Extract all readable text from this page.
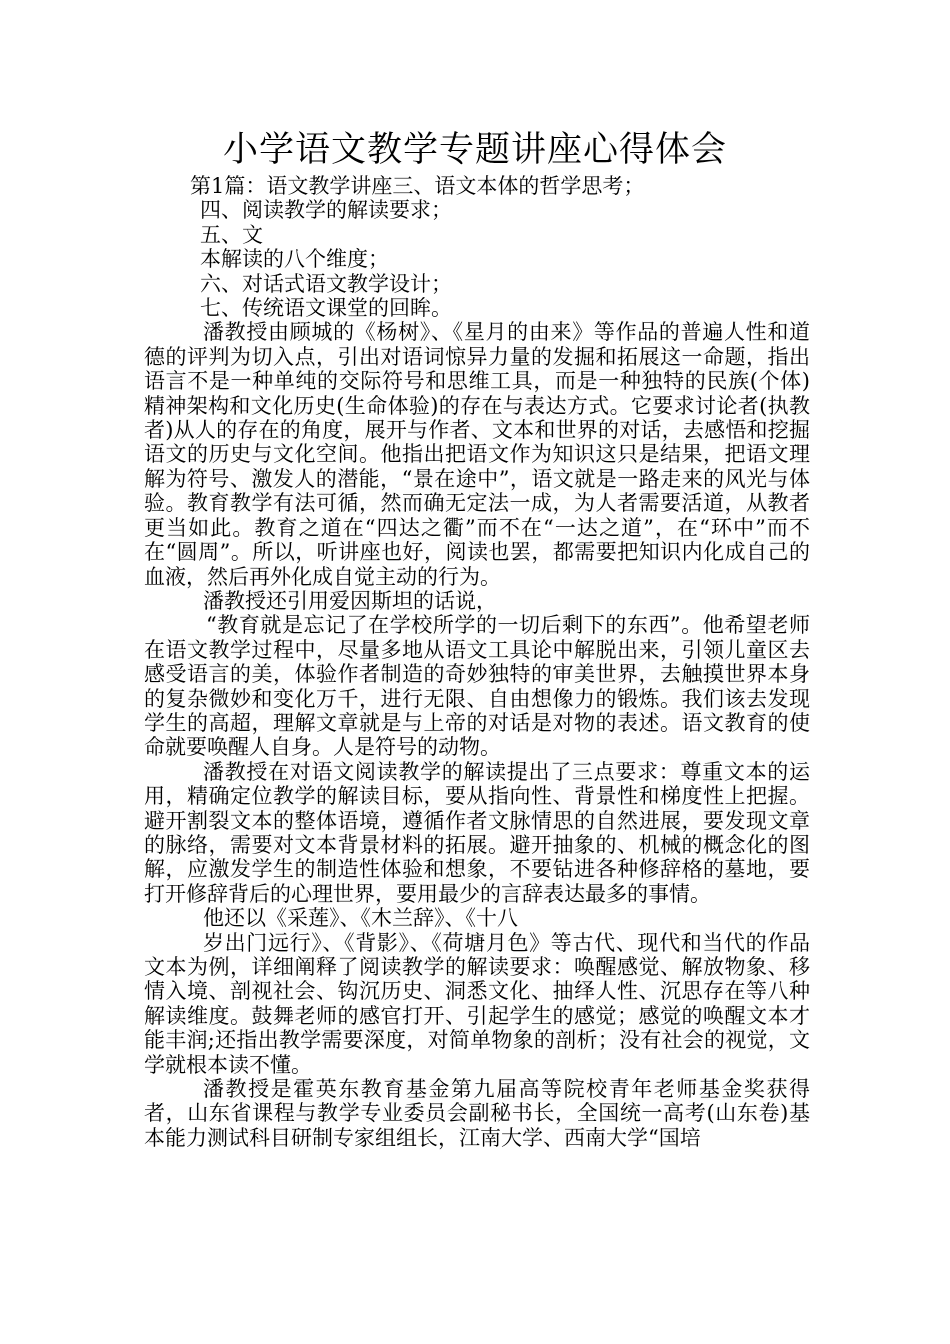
小学语文教学专题讲座心得体会

第1篇：语文教学讲座三、语文本体的哲学思考；

四、阅读教学的解读要求；

五、文

本解读的八个维度；

六、对话式语文教学设计；

七、传统语文课堂的回眸。

潘教授由顾城的《杨树》、《星月的由来》等作品的普遍人性和道德的评判为切入点，引出对语词惊异力量的发掘和拓展这一命题，指出语言不是一种单纯的交际符号和思维工具，而是一种独特的民族(个体)精神架构和文化历史(生命体验)的存在与表达方式。它要求讨论者(执教者)从人的存在的角度，展开与作者、文本和世界的对话，去感悟和挖掘语文的历史与文化空间。他指出把语文作为知识这只是结果，把语文理解为符号、激发人的潜能，“景在途中”，语文就是一路走来的风光与体验。教育教学有法可循，然而确无定法一成，为人者需要活道，从教者更当如此。教育之道在“四达之衢”而不在“一达之道”，在“环中”而不在“圆周”。所以，听讲座也好，阅读也罢，都需要把知识内化成自己的血液，然后再外化成自觉主动的行为。

潘教授还引用爱因斯坦的话说，

“教育就是忘记了在学校所学的一切后剩下的东西”。他希望老师在语文教学过程中，尽量多地从语文工具论中解脱出来，引领儿童区去感受语言的美，体验作者制造的奇妙独特的审美世界，去触摸世界本身的复杂微妙和变化万千，进行无限、自由想像力的锻炼。我们该去发现学生的高超，理解文章就是与上帝的对话是对物的表述。语文教育的使命就要唤醒人自身。人是符号的动物。

潘教授在对语文阅读教学的解读提出了三点要求：尊重文本的运用，精确定位教学的解读目标，要从指向性、背景性和梯度性上把握。避开割裂文本的整体语境，遵循作者文脉情思的自然进展，要发现文章的脉络，需要对文本背景材料的拓展。避开抽象的、机械的概念化的图解，应激发学生的制造性体验和想象，不要钻进各种修辞格的墓地，要打开修辞背后的心理世界，要用最少的言辞表达最多的事情。

他还以《采莲》、《木兰辞》、《十八

岁出门远行》、《背影》、《荷塘月色》等古代、现代和当代的作品文本为例，详细阐释了阅读教学的解读要求：唤醒感觉、解放物象、移情入境、剖视社会、钩沉历史、洞悉文化、抽绎人性、沉思存在等八种解读维度。鼓舞老师的感官打开、引起学生的感觉；感觉的唤醒文本才能丰润;还指出教学需要深度，对简单物象的剖析；没有社会的视觉，文学就根本读不懂。

潘教授是霍英东教育基金第九届高等院校青年老师基金奖获得者，山东省课程与教学专业委员会副秘书长，全国统一高考(山东卷)基本能力测试科目研制专家组组长，江南大学、西南大学“国培
